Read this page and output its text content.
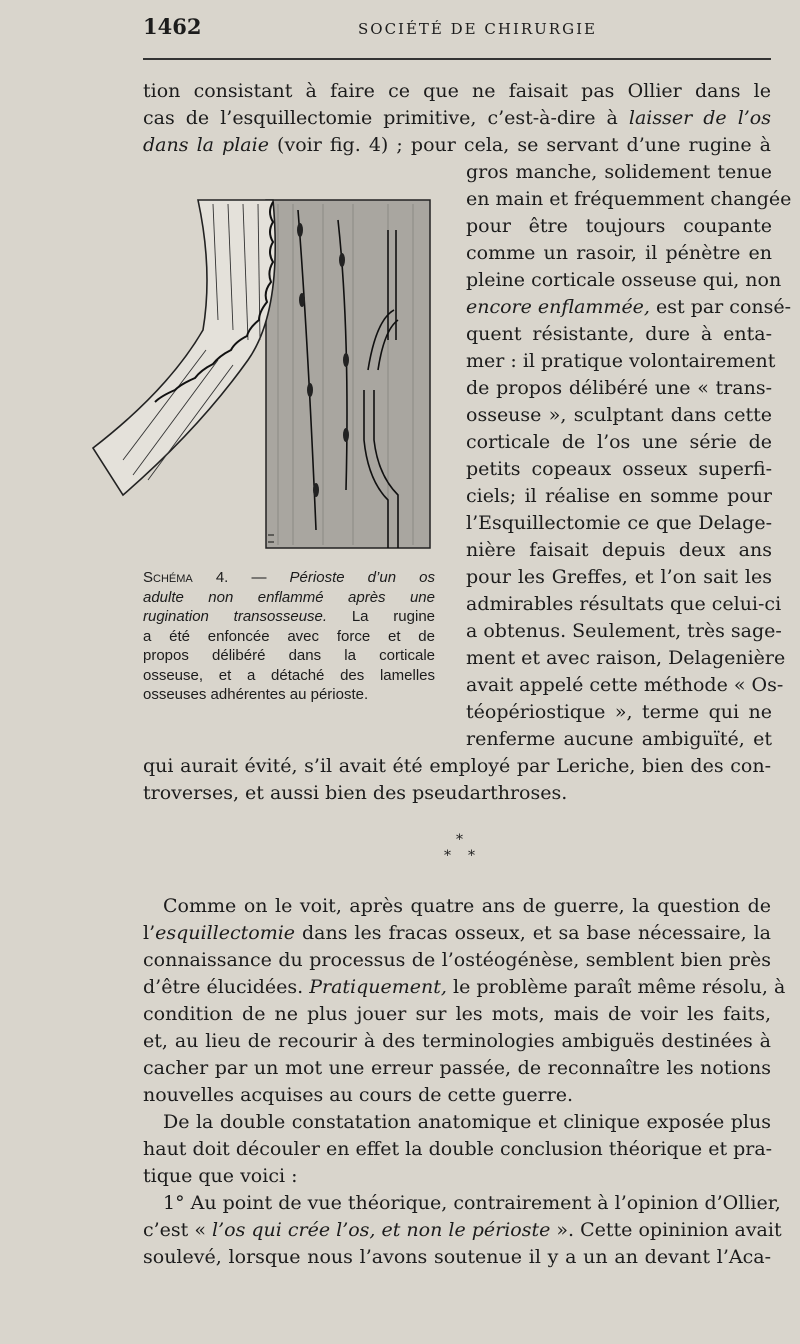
1462	SOCIÉTÉ DE CHIRURGIE
tion consistant à faire ce que ne faisait pas Ollier dans le
cas de l’esquillectomie primitive, c’est-à-dire à laisser de l’os
dans la plaie (voir fig. 4) ; pour cela, se servant d’une rugine à
gros manche, solidement tenue
en main et fréquemment changée
pour être toujours coupante
comme un rasoir, il pénètre en
pleine corticale osseuse qui, non
encore enflammée, est par consé-
quent résistante, dure à enta-
mer : il pratique volontairement
de propos délibéré une « trans-
osseuse », sculptant dans cette
corticale de l’os une série de
petits copeaux osseux superfi-
ciels; il réalise en somme pour
l’Esquillectomie ce que Delage-
nière faisait depuis deux ans
pour les Greffes, et l’on sait les
admirables résultats que celui-ci
a obtenus. Seulement, très sage-
ment et avec raison, Delagenière
avait appelé cette méthode « Os-
téopériostique », terme qui ne
renferme aucune ambiguïté, et
qui aurait évité, s’il avait été employé par Leriche, bien des con-
troverses, et aussi bien des pseudarthroses.
Schéma 4. — Périoste d’un os
adulte non enflammé après une
rugination transosseuse. La rugine
a été enfoncée avec force et de
propos délibéré dans la corticale
osseuse, et a détaché des lamelles
osseuses adhérentes au périoste.
*
* *
Comme on le voit, après quatre ans de guerre, la question de
l’esquillectomie dans les fracas osseux, et sa base nécessaire, la
connaissance du processus de l’ostéogénèse, semblent bien près
d’être élucidées. Pratiquement, le problème paraît même résolu, à
condition de ne plus jouer sur les mots, mais de voir les faits,
et, au lieu de recourir à des terminologies ambiguës destinées à
cacher par un mot une erreur passée, de reconnaître les notions
nouvelles acquises au cours de cette guerre.
De la double constatation anatomique et clinique exposée plus
haut doit découler en effet la double conclusion théorique et pra-
tique que voici :
1° Au point de vue théorique, contrairement à l’opinion d’Ollier,
c’est « l’os qui crée l’os, et non le périoste ». Cette opininion avait
soulevé, lorsque nous l’avons soutenue il y a un an devant l’Aca-
